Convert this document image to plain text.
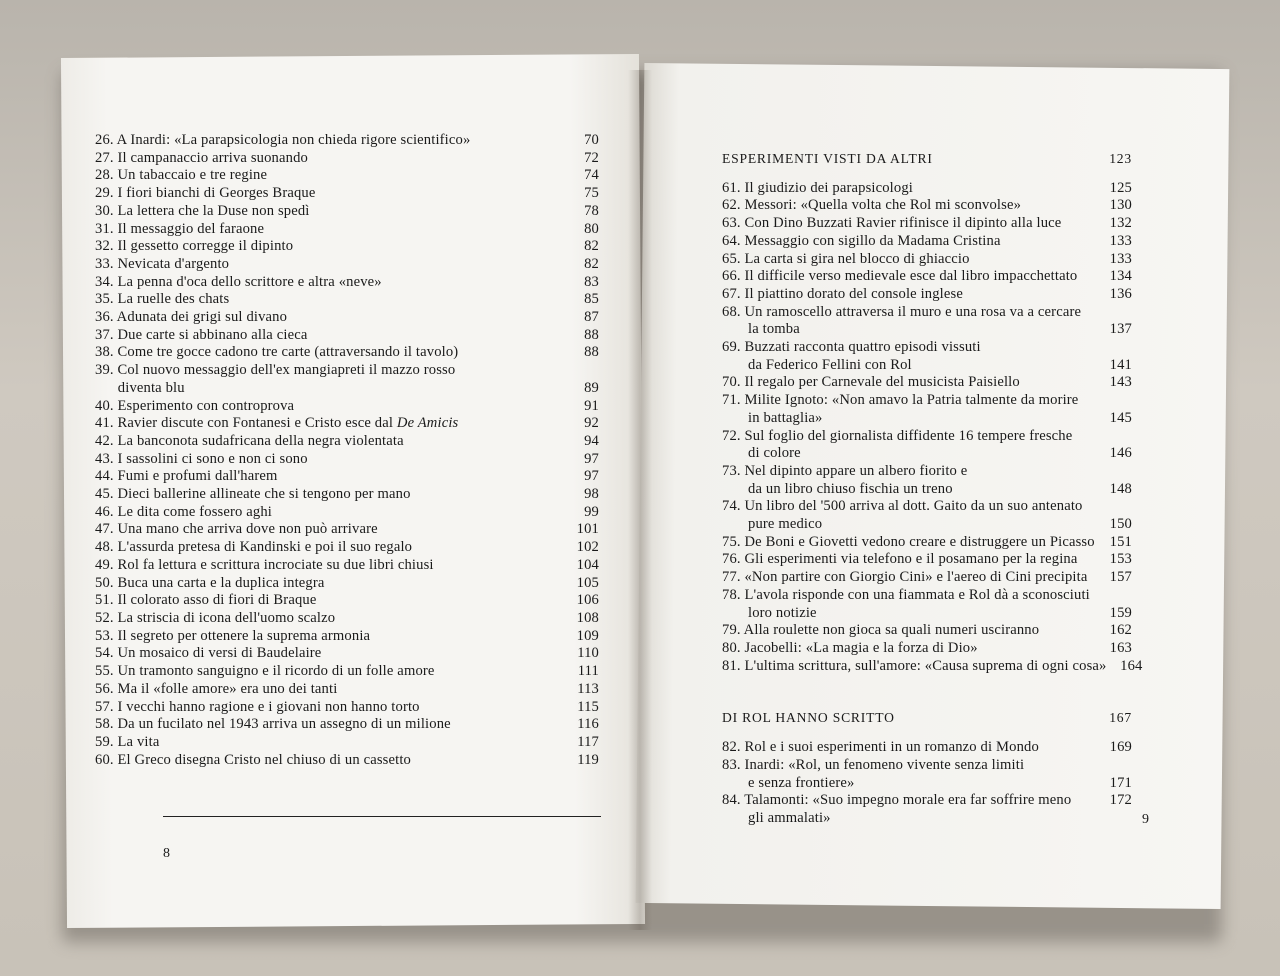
26. A Inardi: «La parapsicologia non chieda rigore scientifico»	70
27. Il campanaccio arriva suonando	72
28. Un tabaccaio e tre regine	74
29. I fiori bianchi di Georges Braque	75
30. La lettera che la Duse non spedì	78
31. Il messaggio del faraone	80
32. Il gessetto corregge il dipinto	82
33. Nevicata d'argento	82
34. La penna d'oca dello scrittore e altra «neve»	83
35. La ruelle des chats	85
36. Adunata dei grigi sul divano	87
37. Due carte si abbinano alla cieca	88
38. Come tre gocce cadono tre carte (attraversando il tavolo)	88
39. Col nuovo messaggio dell'ex mangiapreti il mazzo rosso
diventa blu	89
40. Esperimento con controprova	91
41. Ravier discute con Fontanesi e Cristo esce dal De Amicis	92
42. La banconota sudafricana della negra violentata	94
43. I sassolini ci sono e non ci sono	97
44. Fumi e profumi dall'harem	97
45. Dieci ballerine allineate che si tengono per mano	98
46. Le dita come fossero aghi	99
47. Una mano che arriva dove non può arrivare	101
48. L'assurda pretesa di Kandinski e poi il suo regalo	102
49. Rol fa lettura e scrittura incrociate su due libri chiusi	104
50. Buca una carta e la duplica integra	105
51. Il colorato asso di fiori di Braque	106
52. La striscia di icona dell'uomo scalzo	108
53. Il segreto per ottenere la suprema armonia	109
54. Un mosaico di versi di Baudelaire	110
55. Un tramonto sanguigno e il ricordo di un folle amore	111
56. Ma il «folle amore» era uno dei tanti	113
57. I vecchi hanno ragione e i giovani non hanno torto	115
58. Da un fucilato nel 1943 arriva un assegno di un milione	116
59. La vita	117
60. El Greco disegna Cristo nel chiuso di un cassetto	119
8
ESPERIMENTI VISTI DA ALTRI	123
61. Il giudizio dei parapsicologi	125
62. Messori: «Quella volta che Rol mi sconvolse»	130
63. Con Dino Buzzati Ravier rifinisce il dipinto alla luce	132
64. Messaggio con sigillo da Madama Cristina	133
65. La carta si gira nel blocco di ghiaccio	133
66. Il difficile verso medievale esce dal libro impacchettato	134
67. Il piattino dorato del console inglese	136
68. Un ramoscello attraversa il muro e una rosa va a cercare
la tomba	137
69. Buzzati racconta quattro episodi vissuti
da Federico Fellini con Rol	141
70. Il regalo per Carnevale del musicista Paisiello	143
71. Milite Ignoto: «Non amavo la Patria talmente da morire
in battaglia»	145
72. Sul foglio del giornalista diffidente 16 tempere fresche
di colore	146
73. Nel dipinto appare un albero fiorito e
da un libro chiuso fischia un treno	148
74. Un libro del '500 arriva al dott. Gaito da un suo antenato
pure medico	150
75. De Boni e Giovetti vedono creare e distruggere un Picasso	151
76. Gli esperimenti via telefono e il posamano per la regina	153
77. «Non partire con Giorgio Cini» e l'aereo di Cini precipita	157
78. L'avola risponde con una fiammata e Rol dà a sconosciuti
loro notizie	159
79. Alla roulette non gioca sa quali numeri usciranno	162
80. Jacobelli: «La magia e la forza di Dio»	163
81. L'ultima scrittura, sull'amore: «Causa suprema di ogni cosa» 164
DI ROL HANNO SCRITTO	167
82. Rol e i suoi esperimenti in un romanzo di Mondo	169
83. Inardi: «Rol, un fenomeno vivente senza limiti
e senza frontiere»	171
84. Talamonti: «Suo impegno morale era far soffrire meno	172
gli ammalati»	9
